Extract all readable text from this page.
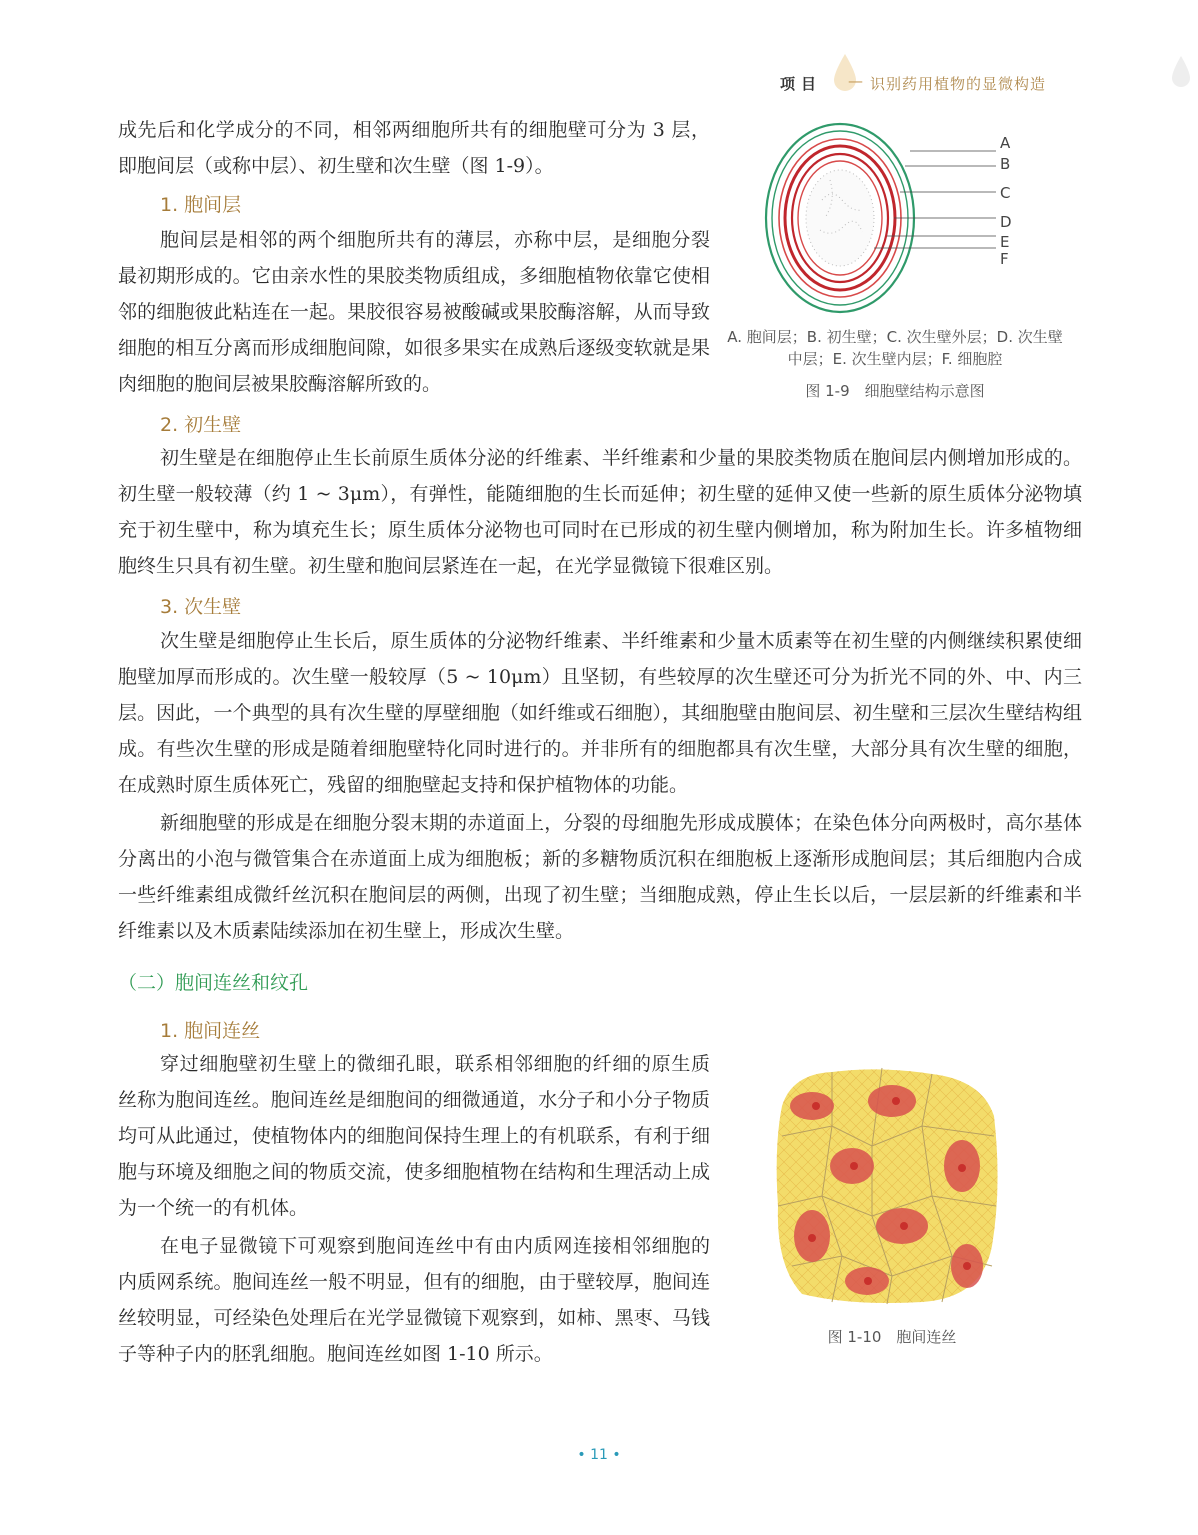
项目 — 识别药用植物的显微构造

成先后和化学成分的不同，相邻两细胞所共有的细胞壁可分为 3 层，即胞间层（或称中层）、初生壁和次生壁（图 1-9）。

1. 胞间层

胞间层是相邻的两个细胞所共有的薄层，亦称中层，是细胞分裂最初期形成的。它由亲水性的果胶类物质组成，多细胞植物依靠它使相邻的细胞彼此粘连在一起。果胶很容易被酸碱或果胶酶溶解，从而导致细胞的相互分离而形成细胞间隙，如很多果实在成熟后逐级变软就是果肉细胞的胞间层被果胶酶溶解所致的。

A
B
C
D
E
F
A. 胞间层；B. 初生壁；C. 次生壁外层；D. 次生壁
中层；E. 次生壁内层；F. 细胞腔
图 1-9　细胞壁结构示意图
2. 初生壁

初生壁是在细胞停止生长前原生质体分泌的纤维素、半纤维素和少量的果胶类物质在胞间层内侧增加形成的。初生壁一般较薄（约 1 ~ 3μm），有弹性，能随细胞的生长而延伸；初生壁的延伸又使一些新的原生质体分泌物填充于初生壁中，称为填充生长；原生质体分泌物也可同时在已形成的初生壁内侧增加，称为附加生长。许多植物细胞终生只具有初生壁。初生壁和胞间层紧连在一起，在光学显微镜下很难区别。

3. 次生壁

次生壁是细胞停止生长后，原生质体的分泌物纤维素、半纤维素和少量木质素等在初生壁的内侧继续积累使细胞壁加厚而形成的。次生壁一般较厚（5 ~ 10μm）且坚韧，有些较厚的次生壁还可分为折光不同的外、中、内三层。因此，一个典型的具有次生壁的厚壁细胞（如纤维或石细胞），其细胞壁由胞间层、初生壁和三层次生壁结构组成。有些次生壁的形成是随着细胞壁特化同时进行的。并非所有的细胞都具有次生壁，大部分具有次生壁的细胞，在成熟时原生质体死亡，残留的细胞壁起支持和保护植物体的功能。

新细胞壁的形成是在细胞分裂末期的赤道面上，分裂的母细胞先形成成膜体；在染色体分向两极时，高尔基体分离出的小泡与微管集合在赤道面上成为细胞板；新的多糖物质沉积在细胞板上逐渐形成胞间层；其后细胞内合成一些纤维素组成微纤丝沉积在胞间层的两侧，出现了初生壁；当细胞成熟，停止生长以后，一层层新的纤维素和半纤维素以及木质素陆续添加在初生壁上，形成次生壁。

（二）胞间连丝和纹孔
1. 胞间连丝

穿过细胞壁初生壁上的微细孔眼，联系相邻细胞的纤细的原生质丝称为胞间连丝。胞间连丝是细胞间的细微通道，水分子和小分子物质均可从此通过，使植物体内的细胞间保持生理上的有机联系，有利于细胞与环境及细胞之间的物质交流，使多细胞植物在结构和生理活动上成为一个统一的有机体。

在电子显微镜下可观察到胞间连丝中有由内质网连接相邻细胞的内质网系统。胞间连丝一般不明显，但有的细胞，由于壁较厚，胞间连丝较明显，可经染色处理后在光学显微镜下观察到，如柿、黑枣、马钱子等种子内的胚乳细胞。胞间连丝如图 1-10 所示。

图 1-10　胞间连丝
• 11 •
